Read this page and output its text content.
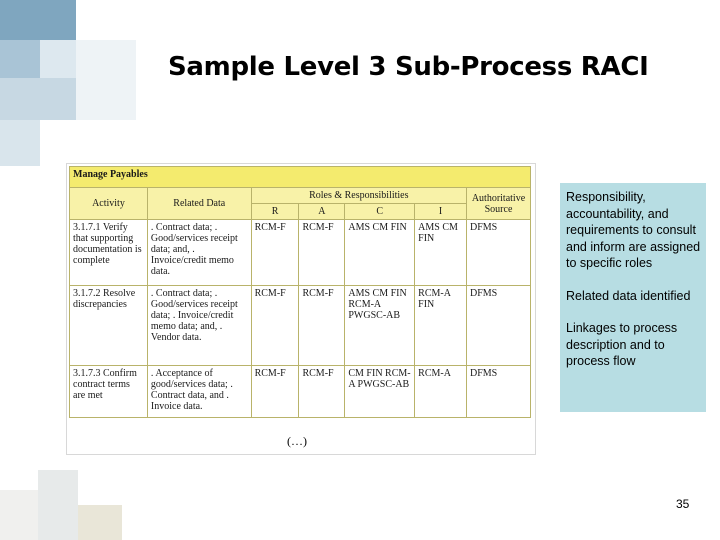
Sample Level 3 Sub-Process RACI
Manage Payables						
Activity	Related Data	Roles & Responsibilities				Authoritative Source
		R	A	C	I	
3.1.7.1 Verify that supporting documentation is complete	. Contract data; . Good/services receipt data; and, . Invoice/credit memo data.	RCM-F	RCM-F	AMS CM FIN	AMS CM FIN	DFMS
3.1.7.2 Resolve discrepancies	. Contract data; . Good/services receipt data; . Invoice/credit memo data; and, . Vendor data.	RCM-F	RCM-F	AMS CM FIN RCM-A PWGSC-AB	RCM-A FIN	DFMS
3.1.7.3 Confirm contract terms are met	. Acceptance of good/services data; . Contract data, and . Invoice data.	RCM-F	RCM-F	CM FIN RCM-A PWGSC-AB	RCM-A	DFMS
(…)

Responsibility, accountability, and requirements to consult and inform are assigned to specific roles

Related data identified

Linkages to process description and to process flow

35
